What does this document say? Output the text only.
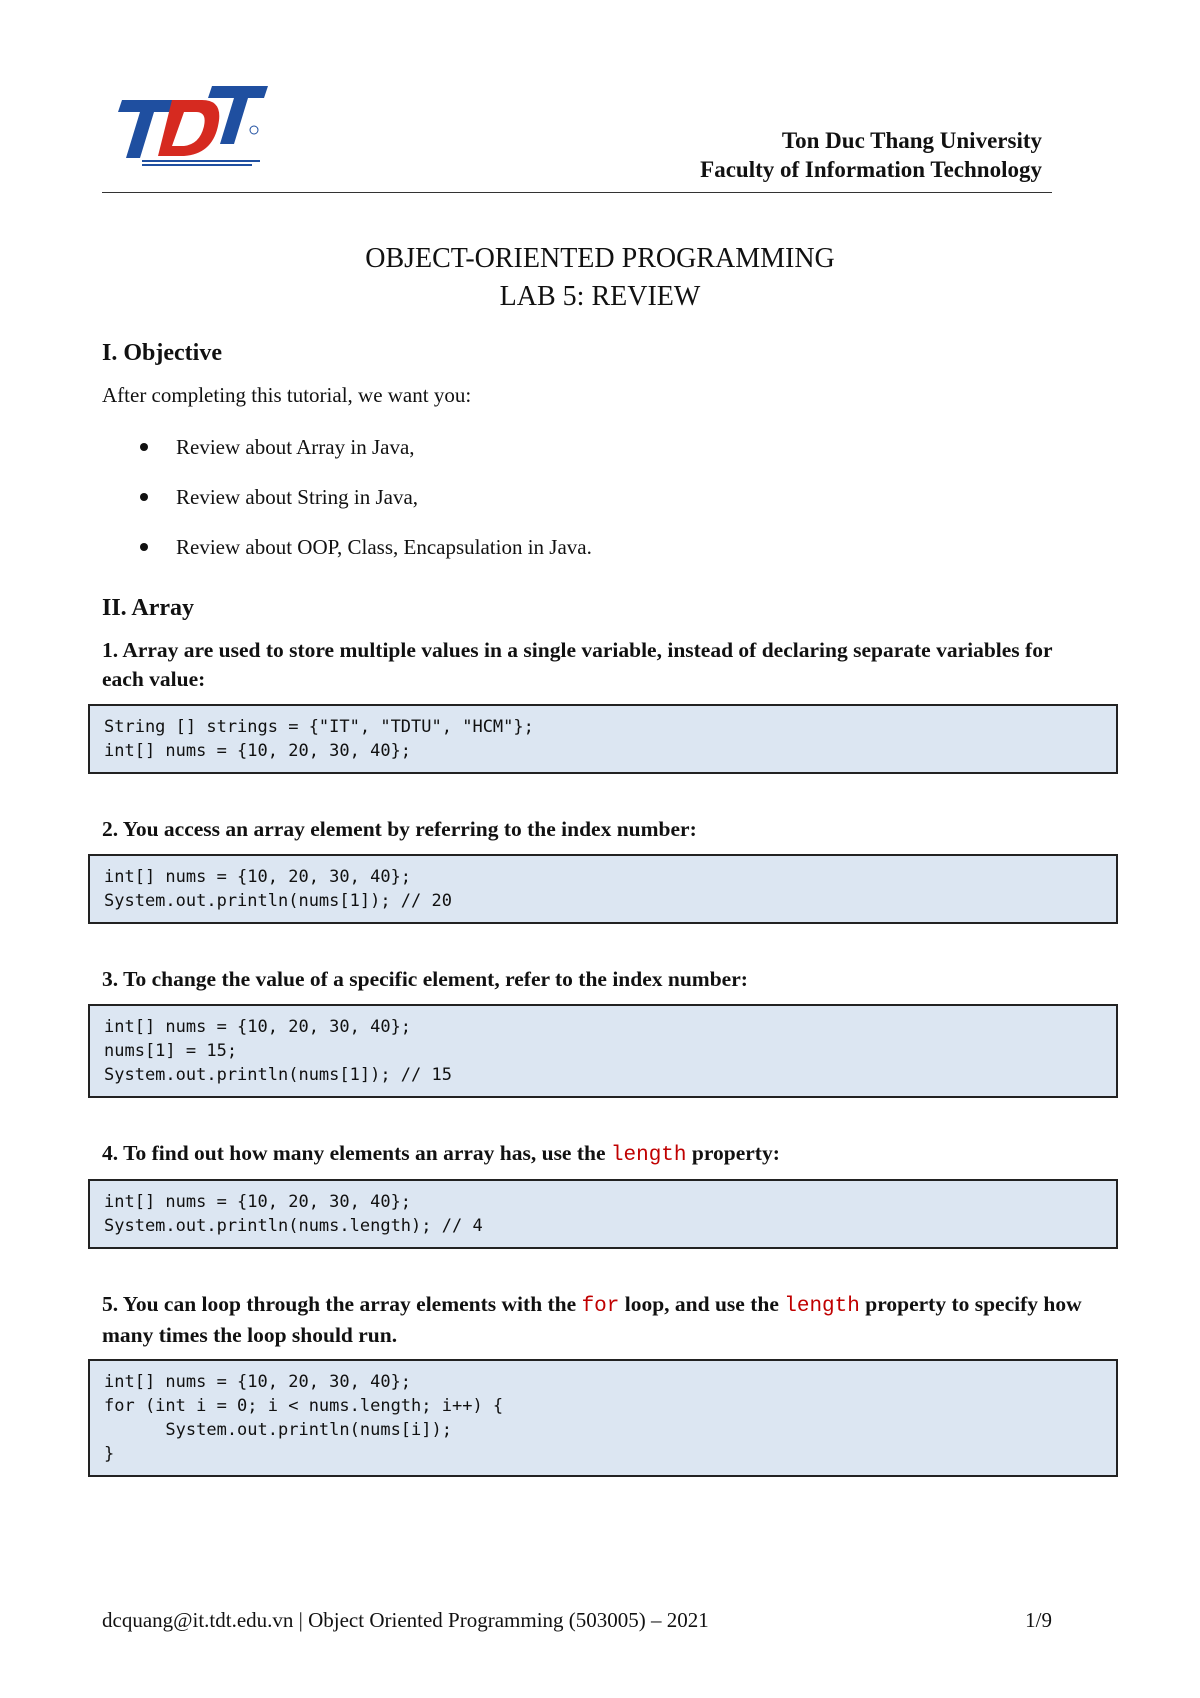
Ton Duc Thang University
Faculty of Information Technology
OBJECT-ORIENTED PROGRAMMING
LAB 5: REVIEW
I. Objective
After completing this tutorial, we want you:
Review about Array in Java,
Review about String in Java,
Review about OOP, Class, Encapsulation in Java.
II. Array
1. Array are used to store multiple values in a single variable, instead of declaring separate variables for each value:
String [] strings = {"IT", "TDTU", "HCM"};
int[] nums = {10, 20, 30, 40};
2. You access an array element by referring to the index number:
int[] nums = {10, 20, 30, 40};
System.out.println(nums[1]); // 20
3. To change the value of a specific element, refer to the index number:
int[] nums = {10, 20, 30, 40};
nums[1] = 15;
System.out.println(nums[1]); // 15
4. To find out how many elements an array has, use the length property:
int[] nums = {10, 20, 30, 40};
System.out.println(nums.length); // 4
5. You can loop through the array elements with the for loop, and use the length property to specify how many times the loop should run.
int[] nums = {10, 20, 30, 40};
for (int i = 0; i < nums.length; i++) {
System.out.println(nums[i]);
}
dcquang@it.tdt.edu.vn | Object Oriented Programming (503005) – 2021	1/9
